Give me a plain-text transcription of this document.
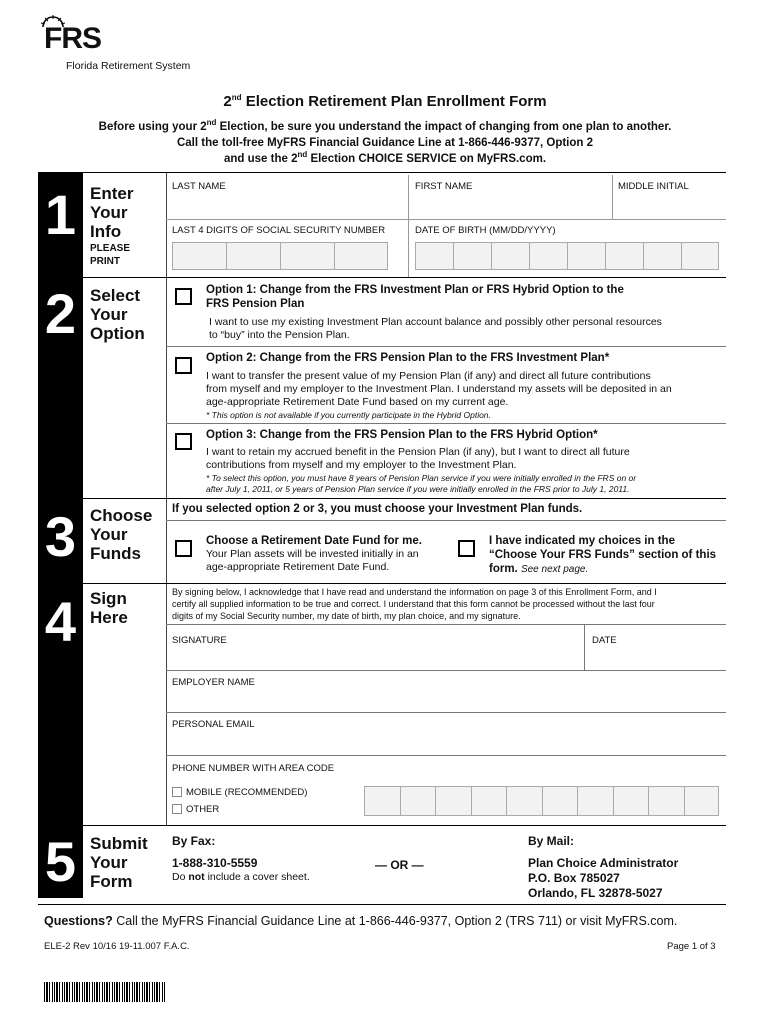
FRS
Florida Retirement System
2nd Election Retirement Plan Enrollment Form
Before using your 2nd Election, be sure you understand the impact of changing from one plan to another.
Call the toll-free MyFRS Financial Guidance Line at 1-866-446-9377, Option 2
and use the 2nd Election CHOICE SERVICE on MyFRS.com.
1 Enter
Your
Info
PLEASE
PRINT
LAST NAME	FIRST NAME	MIDDLE INITIAL
LAST 4 DIGITS OF SOCIAL SECURITY NUMBER	DATE OF BIRTH (MM/DD/YYYY)
2 Select
Your
Option
Option 1: Change from the FRS Investment Plan or FRS Hybrid Option to the
FRS Pension Plan
I want to use my existing Investment Plan account balance and possibly other personal resources
to “buy” into the Pension Plan.
Option 2: Change from the FRS Pension Plan to the FRS Investment Plan*
I want to transfer the present value of my Pension Plan (if any) and direct all future contributions
from myself and my employer to the Investment Plan. I understand my assets will be deposited in an
age-appropriate Retirement Date Fund based on my current age.
* This option is not available if you currently participate in the Hybrid Option.
Option 3: Change from the FRS Pension Plan to the FRS Hybrid Option*
I want to retain my accrued benefit in the Pension Plan (if any), but I want to direct all future
contributions from myself and my employer to the Investment Plan.
* To select this option, you must have 8 years of Pension Plan service if you were initially enrolled in the FRS on or
after July 1, 2011, or 5 years of Pension Plan service if you were initially enrolled in the FRS prior to July 1, 2011.
3 Choose
Your
Funds
If you selected option 2 or 3, you must choose your Investment Plan funds.
Choose a Retirement Date Fund for me.
Your Plan assets will be invested initially in an
age-appropriate Retirement Date Fund.
I have indicated my choices in the
“Choose Your FRS Funds” section of this
form. See next page.
4 Sign
Here
By signing below, I acknowledge that I have read and understand the information on page 3 of this Enrollment Form, and I
certify all supplied information to be true and correct. I understand that this form cannot be processed without the last four
digits of my Social Security number, my date of birth, my plan choice, and my signature.
SIGNATURE	DATE
EMPLOYER NAME
PERSONAL EMAIL
PHONE NUMBER WITH AREA CODE
MOBILE (RECOMMENDED)
OTHER
5 Submit
Your
Form
By Fax:
1-888-310-5559
Do not include a cover sheet.
— OR —
By Mail:
Plan Choice Administrator
P.O. Box 785027
Orlando, FL 32878-5027
Questions? Call the MyFRS Financial Guidance Line at 1-866-446-9377, Option 2 (TRS 711) or visit MyFRS.com.
ELE-2 Rev 10/16 19-11.007 F.A.C.	Page 1 of 3
